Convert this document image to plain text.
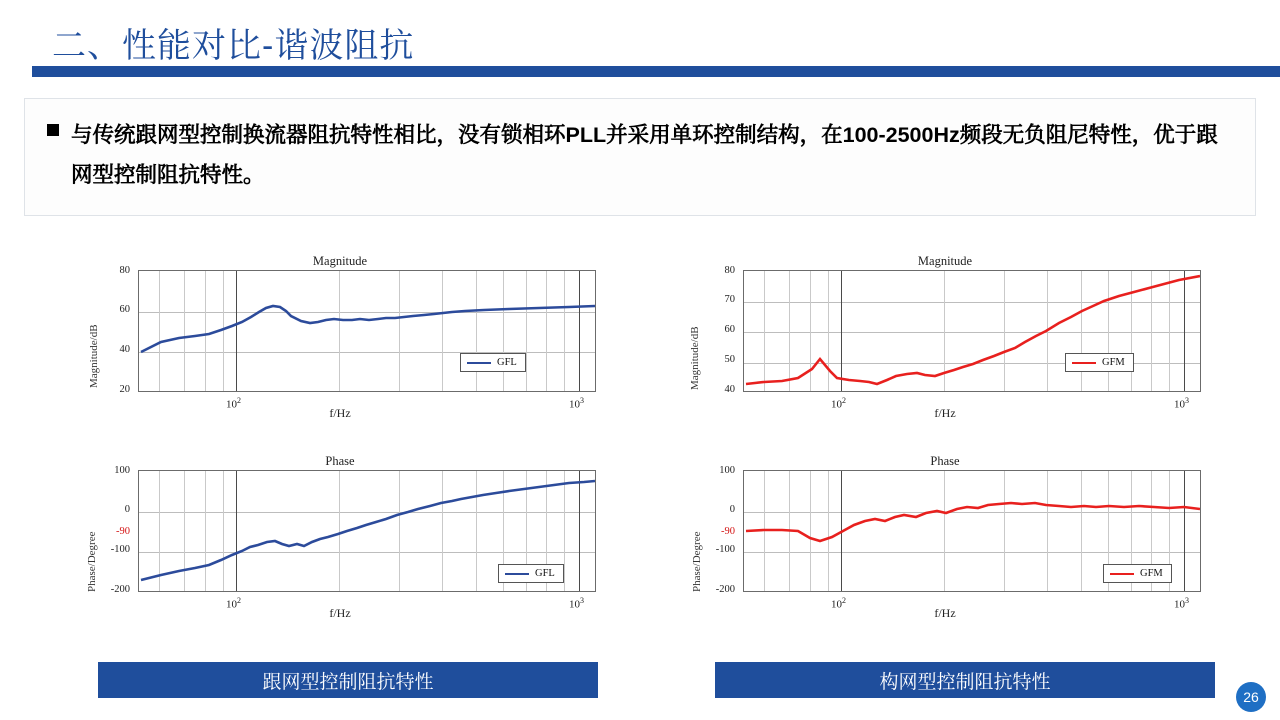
二、性能对比-谐波阻抗
与传统跟网型控制换流器阻抗特性相比，没有锁相环PLL并采用单环控制结构，在100-2500Hz频段无负阻尼特性，优于跟网型控制阻抗特性。
Magnitude
Magnitude/dB
80
60
40
20
$10^2$	$10^3$
f/Hz
GFL
Phase
Phase/Degree
100
0
-90
-100
-200
$10^2$	$10^3$
f/Hz
GFL
Magnitude
Magnitude/dB
80
70
60
50
40
$10^2$	$10^3$
f/Hz
GFM
Phase
Phase/Degree
100
0
-90
-100
-200
$10^2$	$10^3$
f/Hz
GFM
跟网型控制阻抗特性	构网型控制阻抗特性
26
